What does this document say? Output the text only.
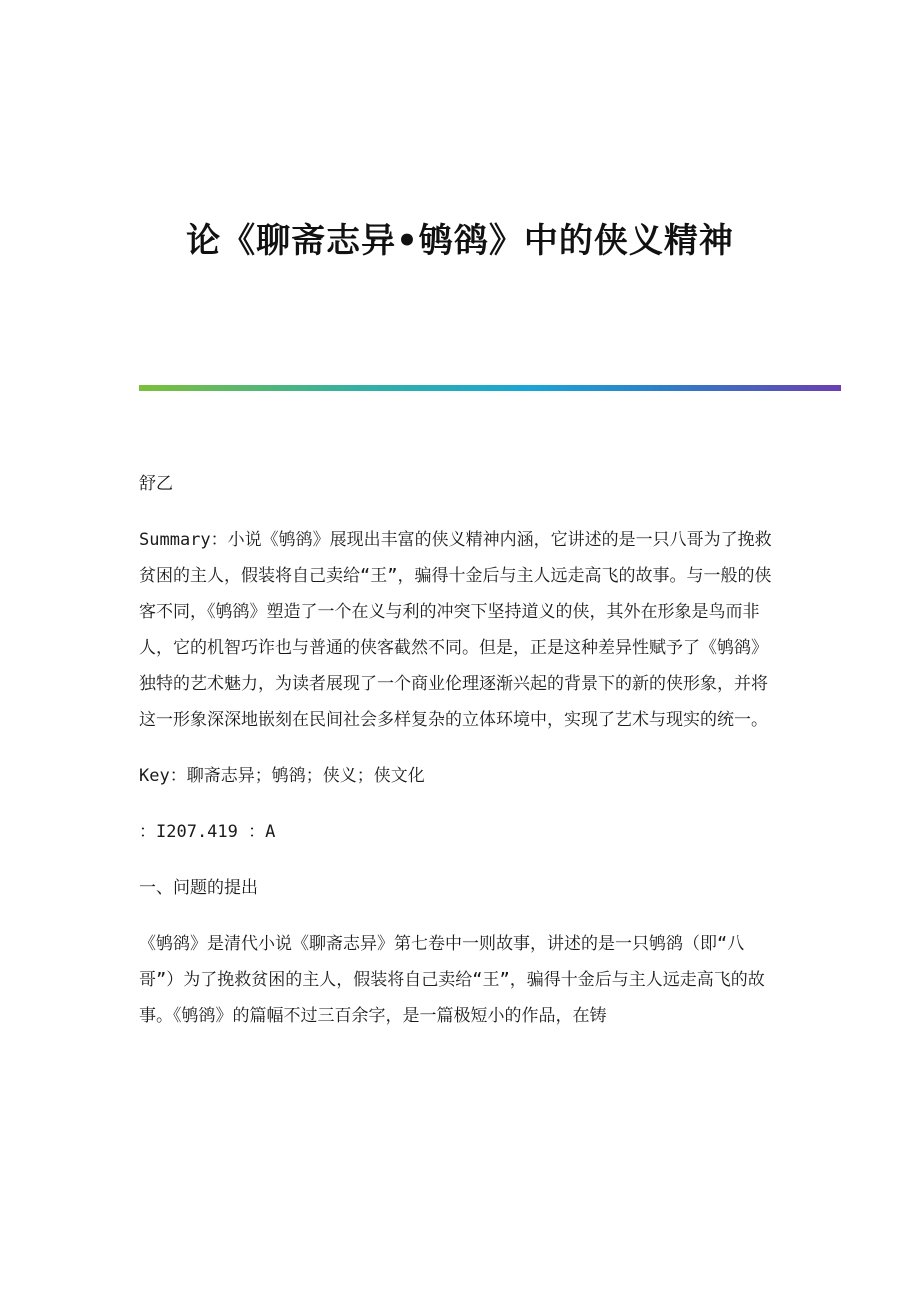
论《聊斋志异•鸲鹆》中的侠义精神

舒乙

Summary：小说《鸲鹆》展现出丰富的侠义精神内涵，它讲述的是一只八哥为了挽救贫困的主人，假装将自己卖给“王”，骗得十金后与主人远走高飞的故事。与一般的侠客不同，《鸲鹆》塑造了一个在义与利的冲突下坚持道义的侠，其外在形象是鸟而非人，它的机智巧诈也与普通的侠客截然不同。但是，正是这种差异性赋予了《鸲鹆》独特的艺术魅力，为读者展现了一个商业伦理逐渐兴起的背景下的新的侠形象，并将这一形象深深地嵌刻在民间社会多样复杂的立体环境中，实现了艺术与现实的统一。

Key：聊斋志异；鸲鹆；侠义；侠文化

：I207.419 ：A

一、问题的提出

《鸲鹆》是清代小说《聊斋志异》第七卷中一则故事，讲述的是一只鸲鹆（即“八哥”）为了挽救贫困的主人，假装将自己卖给“王”，骗得十金后与主人远走高飞的故事。《鸲鹆》的篇幅不过三百余字，是一篇极短小的作品，在铸
